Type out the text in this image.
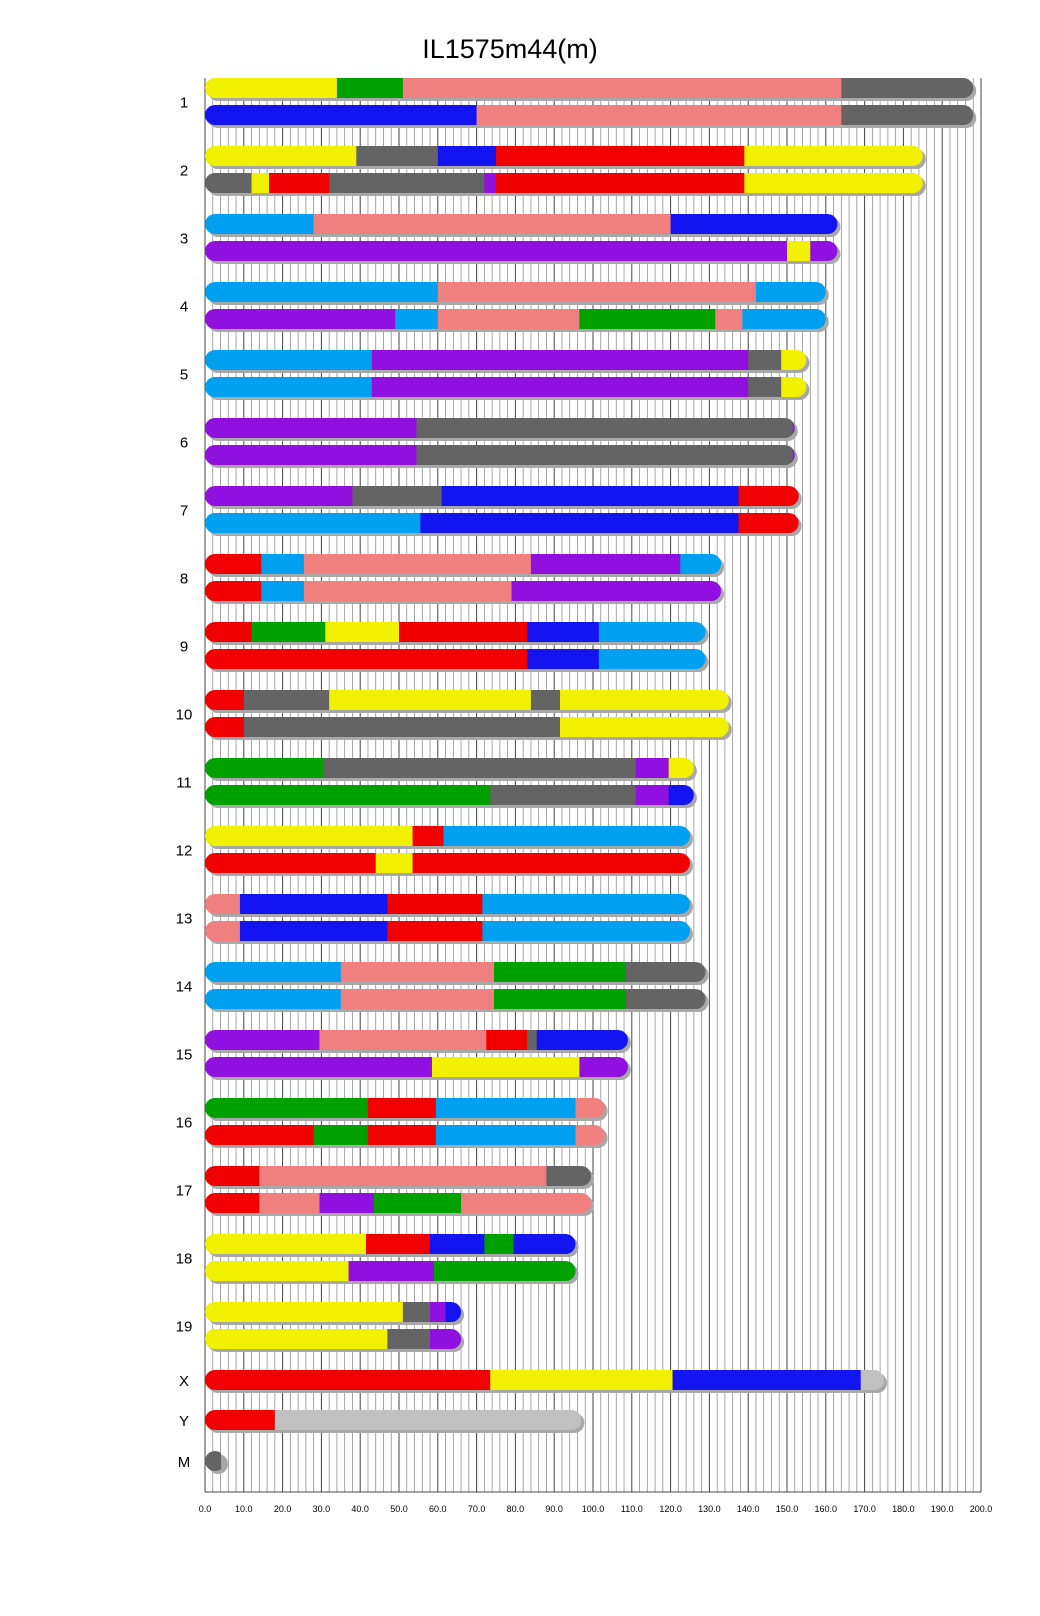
IL1575m44(m)
0.0	10.0 20.0 30.0 40.0 50.0 60.0 70.0 80.0 90.0 100.0 110.0 120.0 130.0 140.0 150.0 160.0 170.0 180.0 190.0 200.0
1
2
3
4
5
6
7
8
9
10
11
12
13
14
15
16
17
18
19
X
Y
M
